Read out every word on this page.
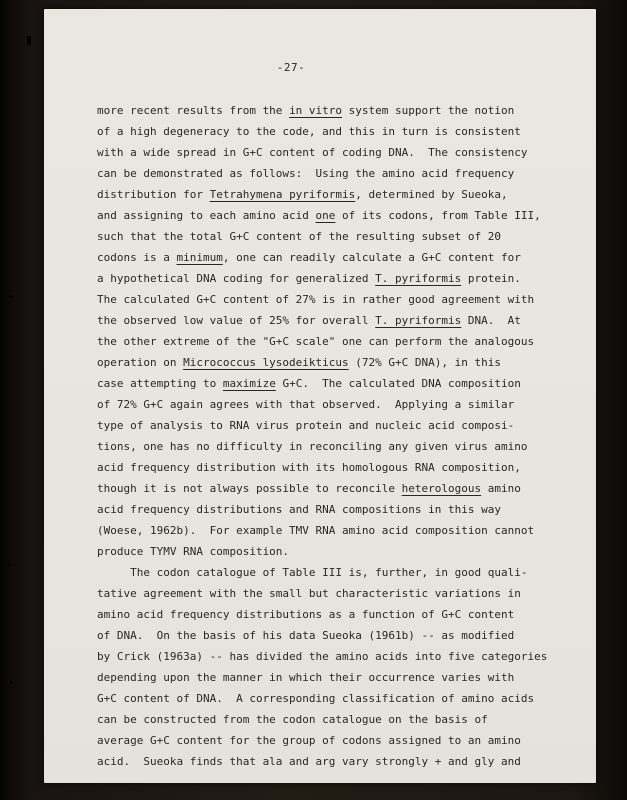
-27-
more recent results from the in vitro system support the notion
of a high degeneracy to the code, and this in turn is consistent
with a wide spread in G+C content of coding DNA.  The consistency
can be demonstrated as follows:  Using the amino acid frequency
distribution for Tetrahymena pyriformis, determined by Sueoka,
and assigning to each amino acid one of its codons, from Table III,
such that the total G+C content of the resulting subset of 20
codons is a minimum, one can readily calculate a G+C content for
a hypothetical DNA coding for generalized T. pyriformis protein.
The calculated G+C content of 27% is in rather good agreement with
the observed low value of 25% for overall T. pyriformis DNA.  At
the other extreme of the "G+C scale" one can perform the analogous
operation on Micrococcus lysodeikticus (72% G+C DNA), in this
case attempting to maximize G+C.  The calculated DNA composition
of 72% G+C again agrees with that observed.  Applying a similar
type of analysis to RNA virus protein and nucleic acid composi-
tions, one has no difficulty in reconciling any given virus amino
acid frequency distribution with its homologous RNA composition,
though it is not always possible to reconcile heterologous amino
acid frequency distributions and RNA compositions in this way
(Woese, 1962b).  For example TMV RNA amino acid composition cannot
produce TYMV RNA composition.
The codon catalogue of Table III is, further, in good quali-
tative agreement with the small but characteristic variations in
amino acid frequency distributions as a function of G+C content
of DNA.  On the basis of his data Sueoka (1961b) -- as modified
by Crick (1963a) -- has divided the amino acids into five categories
depending upon the manner in which their occurrence varies with
G+C content of DNA.  A corresponding classification of amino acids
can be constructed from the codon catalogue on the basis of
average G+C content for the group of codons assigned to an amino
acid.  Sueoka finds that ala and arg vary strongly + and gly and
